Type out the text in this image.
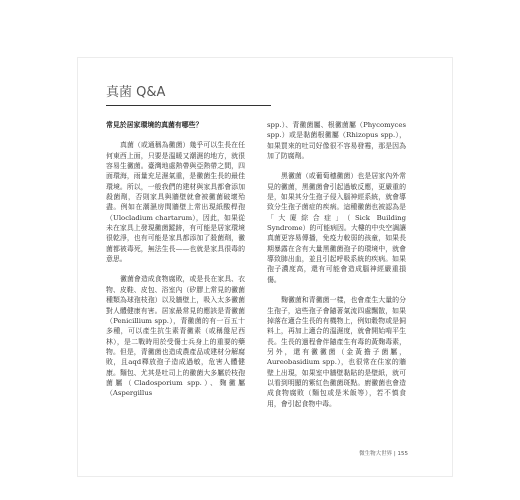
真菌 Q&A

常見於居家環境的真菌有哪些？

真菌（或通稱為黴菌）幾乎可以生長在任何東西上面，只要是溫暖又潮濕的地方，就很容易生黴菌。臺灣地處熱帶與亞熱帶之間，四面環海，雨量充足濕氣重，是黴菌生長的最佳環境。所以，一般我們的建材與家具都會添加殺菌劑，否則家具與牆壁就會被黴菌破壞殆盡。例如在潮濕房間牆壁上常出現紙酸桿孢（Ulocladium chartarum），因此，如果從未在家具上發現黴菌蹤跡，有可能是居家環境很乾淨，也有可能是家具都添加了殺菌劑，黴菌都被毒死，無法生長——也就是家具很毒的意思。

黴菌會造成食物腐敗，或是長在家具、衣物、皮鞋、皮包、浴室內（矽膠上常見的黴菌種類為球孢枝孢）以及牆壁上，吸入太多黴菌對人體健康有害。居家最常見的應該是青黴菌（Penicillium spp.），青黴菌的有一百五十多種，可以產生抗生素青黴素（或稱盤尼西林），是二戰時用於受傷士兵身上的重要的藥物。但是，青黴菌也造成農產品或建材分解腐敗，且aqd釋放孢子造成過敏，危害人體健康。麵包、尤其是吐司上的黴菌大多屬於枝孢菌屬（Cladosporium spp.）、麴黴屬（Aspergillus

spp.）、青黴菌屬、根黴菌屬（Phycomyces spp.）或是黏菌根黴屬（Rhizopus spp.），如果買來的吐司好像很不容易發霉，那是因為加了防腐劑。

黑黴菌（或葡萄穗黴菌）也是居家內外常見的黴菌，黑黴菌會引起過敏反應，更嚴重的是，如果其分生孢子侵入腦神經系統，就會導致分生孢子菌症的疾病。這種黴菌也被認為是「大廈綜合症」（Sick Building Syndrome）的可能病因。大樓的中央空調讓真菌更容易傳播，免疫力較弱的孩童，如果長期暴露在含有大量黑黴菌孢子的環境中，就會導致肺出血，並且引起呼吸系統的疾病。如果孢子濃度高，還有可能會造成腦神經嚴重損傷。

麴黴菌和青黴菌一樣，也會產生大量的分生孢子，這些孢子會隨著氣流四處飄散，如果掉落在適合生長的有機物上，例如穀物或是飼料上，再加上適合的溫濕度，就會開始啃平生長。生長的過程會伴隨產生有毒的黃麴毒素，另外，還有黴黴菌（金黃擔子菌屬，Aureobasidium spp.），也很常在住家的牆壁上出現，如果室中牆壁黏貼的是壁紙，就可以看到明顯的紫紅色黴菌斑點。廚黴菌也會造成食物腐敗（麵包或是米飯等），若不慎食用，會引起食物中毒。

微生物大世界 | 155
